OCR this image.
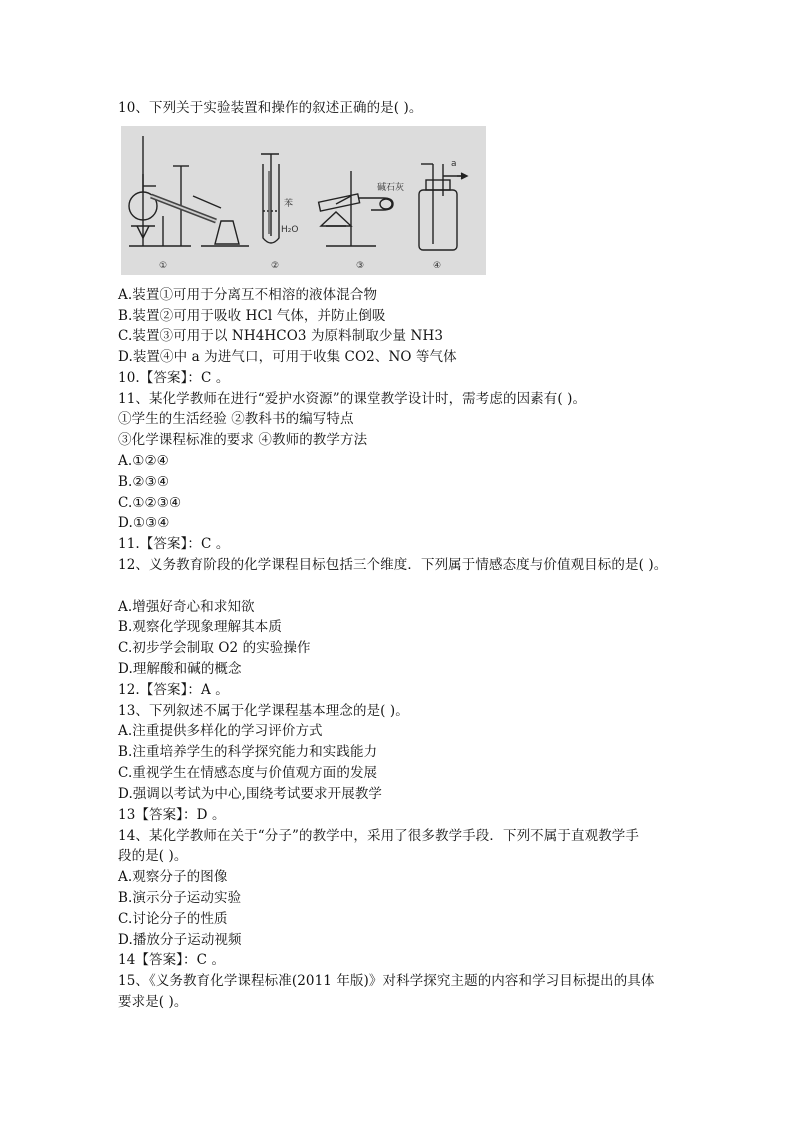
10、下列关于实验装置和操作的叙述正确的是( )。
苯
H₂O
碱石灰
a
①	②	③	④
A.装置①可用于分离互不相溶的液体混合物
B.装置②可用于吸收 HCl 气体，并防止倒吸
C.装置③可用于以 NH4HCO3 为原料制取少量 NH3
D.装置④中 a 为进气口，可用于收集 CO2、NO 等气体
10.【答案】：C 。
11、某化学教师在进行“爱护水资源”的课堂教学设计时，需考虑的因素有( )。
①学生的生活经验 ②教科书的编写特点
③化学课程标准的要求 ④教师的教学方法
A.①②④
B.②③④
C.①②③④
D.①③④
11.【答案】：C 。
12、义务教育阶段的化学课程目标包括三个维度．下列属于情感态度与价值观目标的是( )。
A.增强好奇心和求知欲
B.观察化学现象理解其本质
C.初步学会制取 O2 的实验操作
D.理解酸和碱的概念
12.【答案】：A 。
13、下列叙述不属于化学课程基本理念的是( )。
A.注重提供多样化的学习评价方式
B.注重培养学生的科学探究能力和实践能力
C.重视学生在情感态度与价值观方面的发展
D.强调以考试为中心,围绕考试要求开展教学
13【答案】：D 。
14、某化学教师在关于“分子”的教学中，采用了很多教学手段．下列不属于直观教学手
段的是( )。
A.观察分子的图像
B.演示分子运动实验
C.讨论分子的性质
D.播放分子运动视频
14【答案】：C 。
15、《义务教育化学课程标准(2011 年版)》对科学探究主题的内容和学习目标提出的具体
要求是( )。
